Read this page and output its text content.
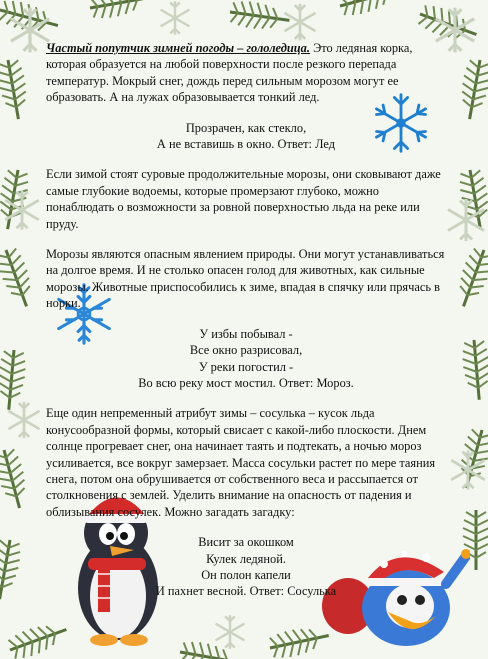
Частый попутчик зимней погоды – гололедица. Это ледяная корка, которая образуется на любой поверхности после резкого перепада температур. Мокрый снег, дождь перед сильным морозом могут ее образовать. А на лужах образовывается тонкий лед.

Прозрачен, как стекло,
А не вставишь в окно. Ответ: Лед

Если зимой стоят суровые продолжительные морозы, они сковывают даже самые глубокие водоемы, которые промерзают глубоко, можно понаблюдать о возможности за ровной поверхностью льда на реке или пруду.

Морозы являются опасным явлением природы. Они могут устанавливаться на долгое время. И не столько опасен голод для животных, как сильные морозы. Животные приспособились к зиме, впадая в спячку или прячась в норки.

У избы побывал -
Все окно разрисовал,
У реки погостил -
Во всю реку мост мостил. Ответ: Мороз.

Еще один непременный атрибут зимы – сосулька – кусок льда конусообразной формы, который свисает с какой-либо плоскости. Днем солнце прогревает снег, она начинает таять и подтекать, а ночью мороз усиливается, все вокруг замерзает. Масса сосульки растет по мере таяния снега, потом она обрушивается от собственного веса и рассыпается от столкновения с землей. Уделить внимание на опасность от падения и облизывания сосулек. Можно загадать загадку:

Висит за окошком
Кулек ледяной.
Он полон капели
И пахнет весной. Ответ: Сосулька
